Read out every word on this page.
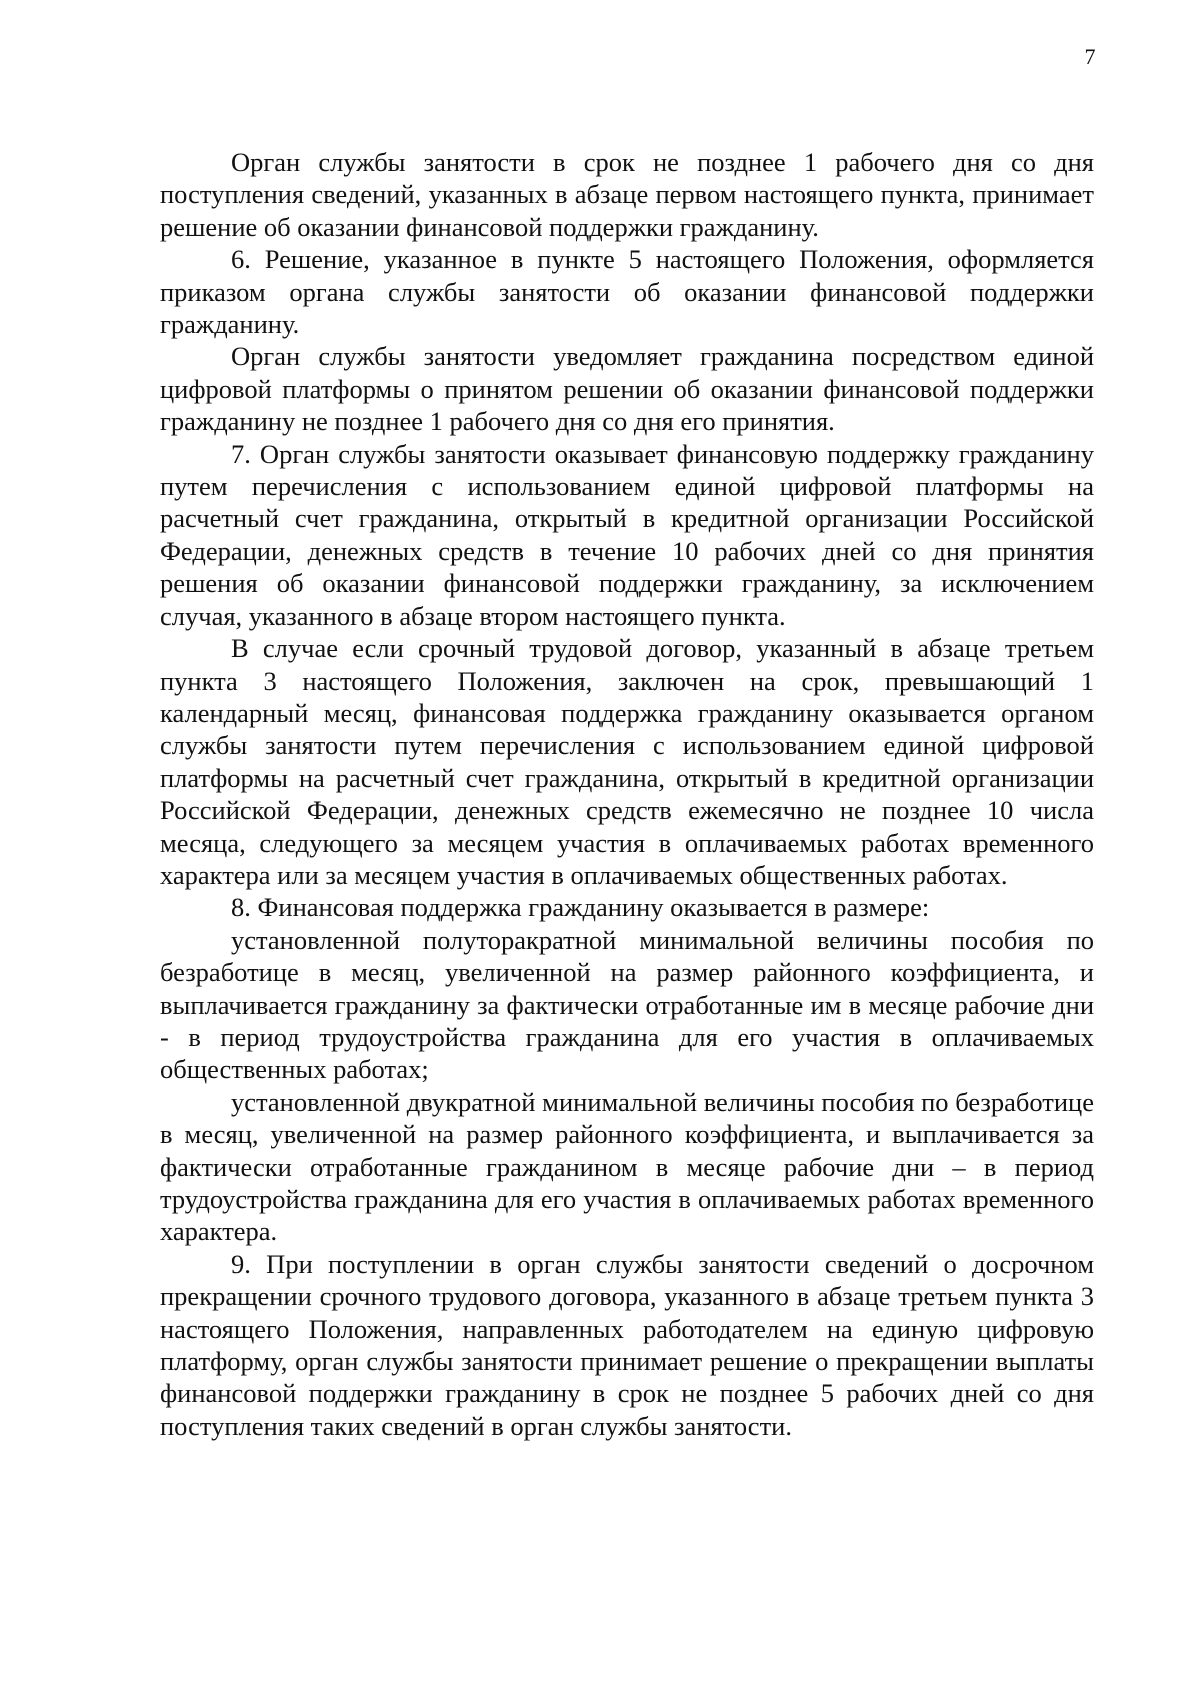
7

Орган службы занятости в срок не позднее 1 рабочего дня со дня поступления сведений, указанных в абзаце первом настоящего пункта, принимает решение об оказании финансовой поддержки гражданину.

6. Решение, указанное в пункте 5 настоящего Положения, оформляется приказом органа службы занятости об оказании финансовой поддержки гражданину.

Орган службы занятости уведомляет гражданина посредством единой цифровой платформы о принятом решении об оказании финансовой поддержки гражданину не позднее 1 рабочего дня со дня его принятия.

7. Орган службы занятости оказывает финансовую поддержку гражданину путем перечисления с использованием единой цифровой платформы на расчетный счет гражданина, открытый в кредитной организации Российской Федерации, денежных средств в течение 10 рабочих дней со дня принятия решения об оказании финансовой поддержки гражданину, за исключением случая, указанного в абзаце втором настоящего пункта.

В случае если срочный трудовой договор, указанный в абзаце третьем пункта 3 настоящего Положения, заключен на срок, превышающий 1 календарный месяц, финансовая поддержка гражданину оказывается органом службы занятости путем перечисления с использованием единой цифровой платформы на расчетный счет гражданина, открытый в кредитной организации Российской Федерации, денежных средств ежемесячно не позднее 10 числа месяца, следующего за месяцем участия в оплачиваемых работах временного характера или за месяцем участия в оплачиваемых общественных работах.

8. Финансовая поддержка гражданину оказывается в размере:

установленной полуторакратной минимальной величины пособия по безработице в месяц, увеличенной на размер районного коэффициента, и выплачивается гражданину за фактически отработанные им в месяце рабочие дни - в период трудоустройства гражданина для его участия в оплачиваемых общественных работах;

установленной двукратной минимальной величины пособия по безработице в месяц, увеличенной на размер районного коэффициента, и выплачивается за фактически отработанные гражданином в месяце рабочие дни – в период трудоустройства гражданина для его участия в оплачиваемых работах временного характера.

9. При поступлении в орган службы занятости сведений о досрочном прекращении срочного трудового договора, указанного в абзаце третьем пункта 3 настоящего Положения, направленных работодателем на единую цифровую платформу, орган службы занятости принимает решение о прекращении выплаты финансовой поддержки гражданину в срок не позднее 5 рабочих дней со дня поступления таких сведений в орган службы занятости.
